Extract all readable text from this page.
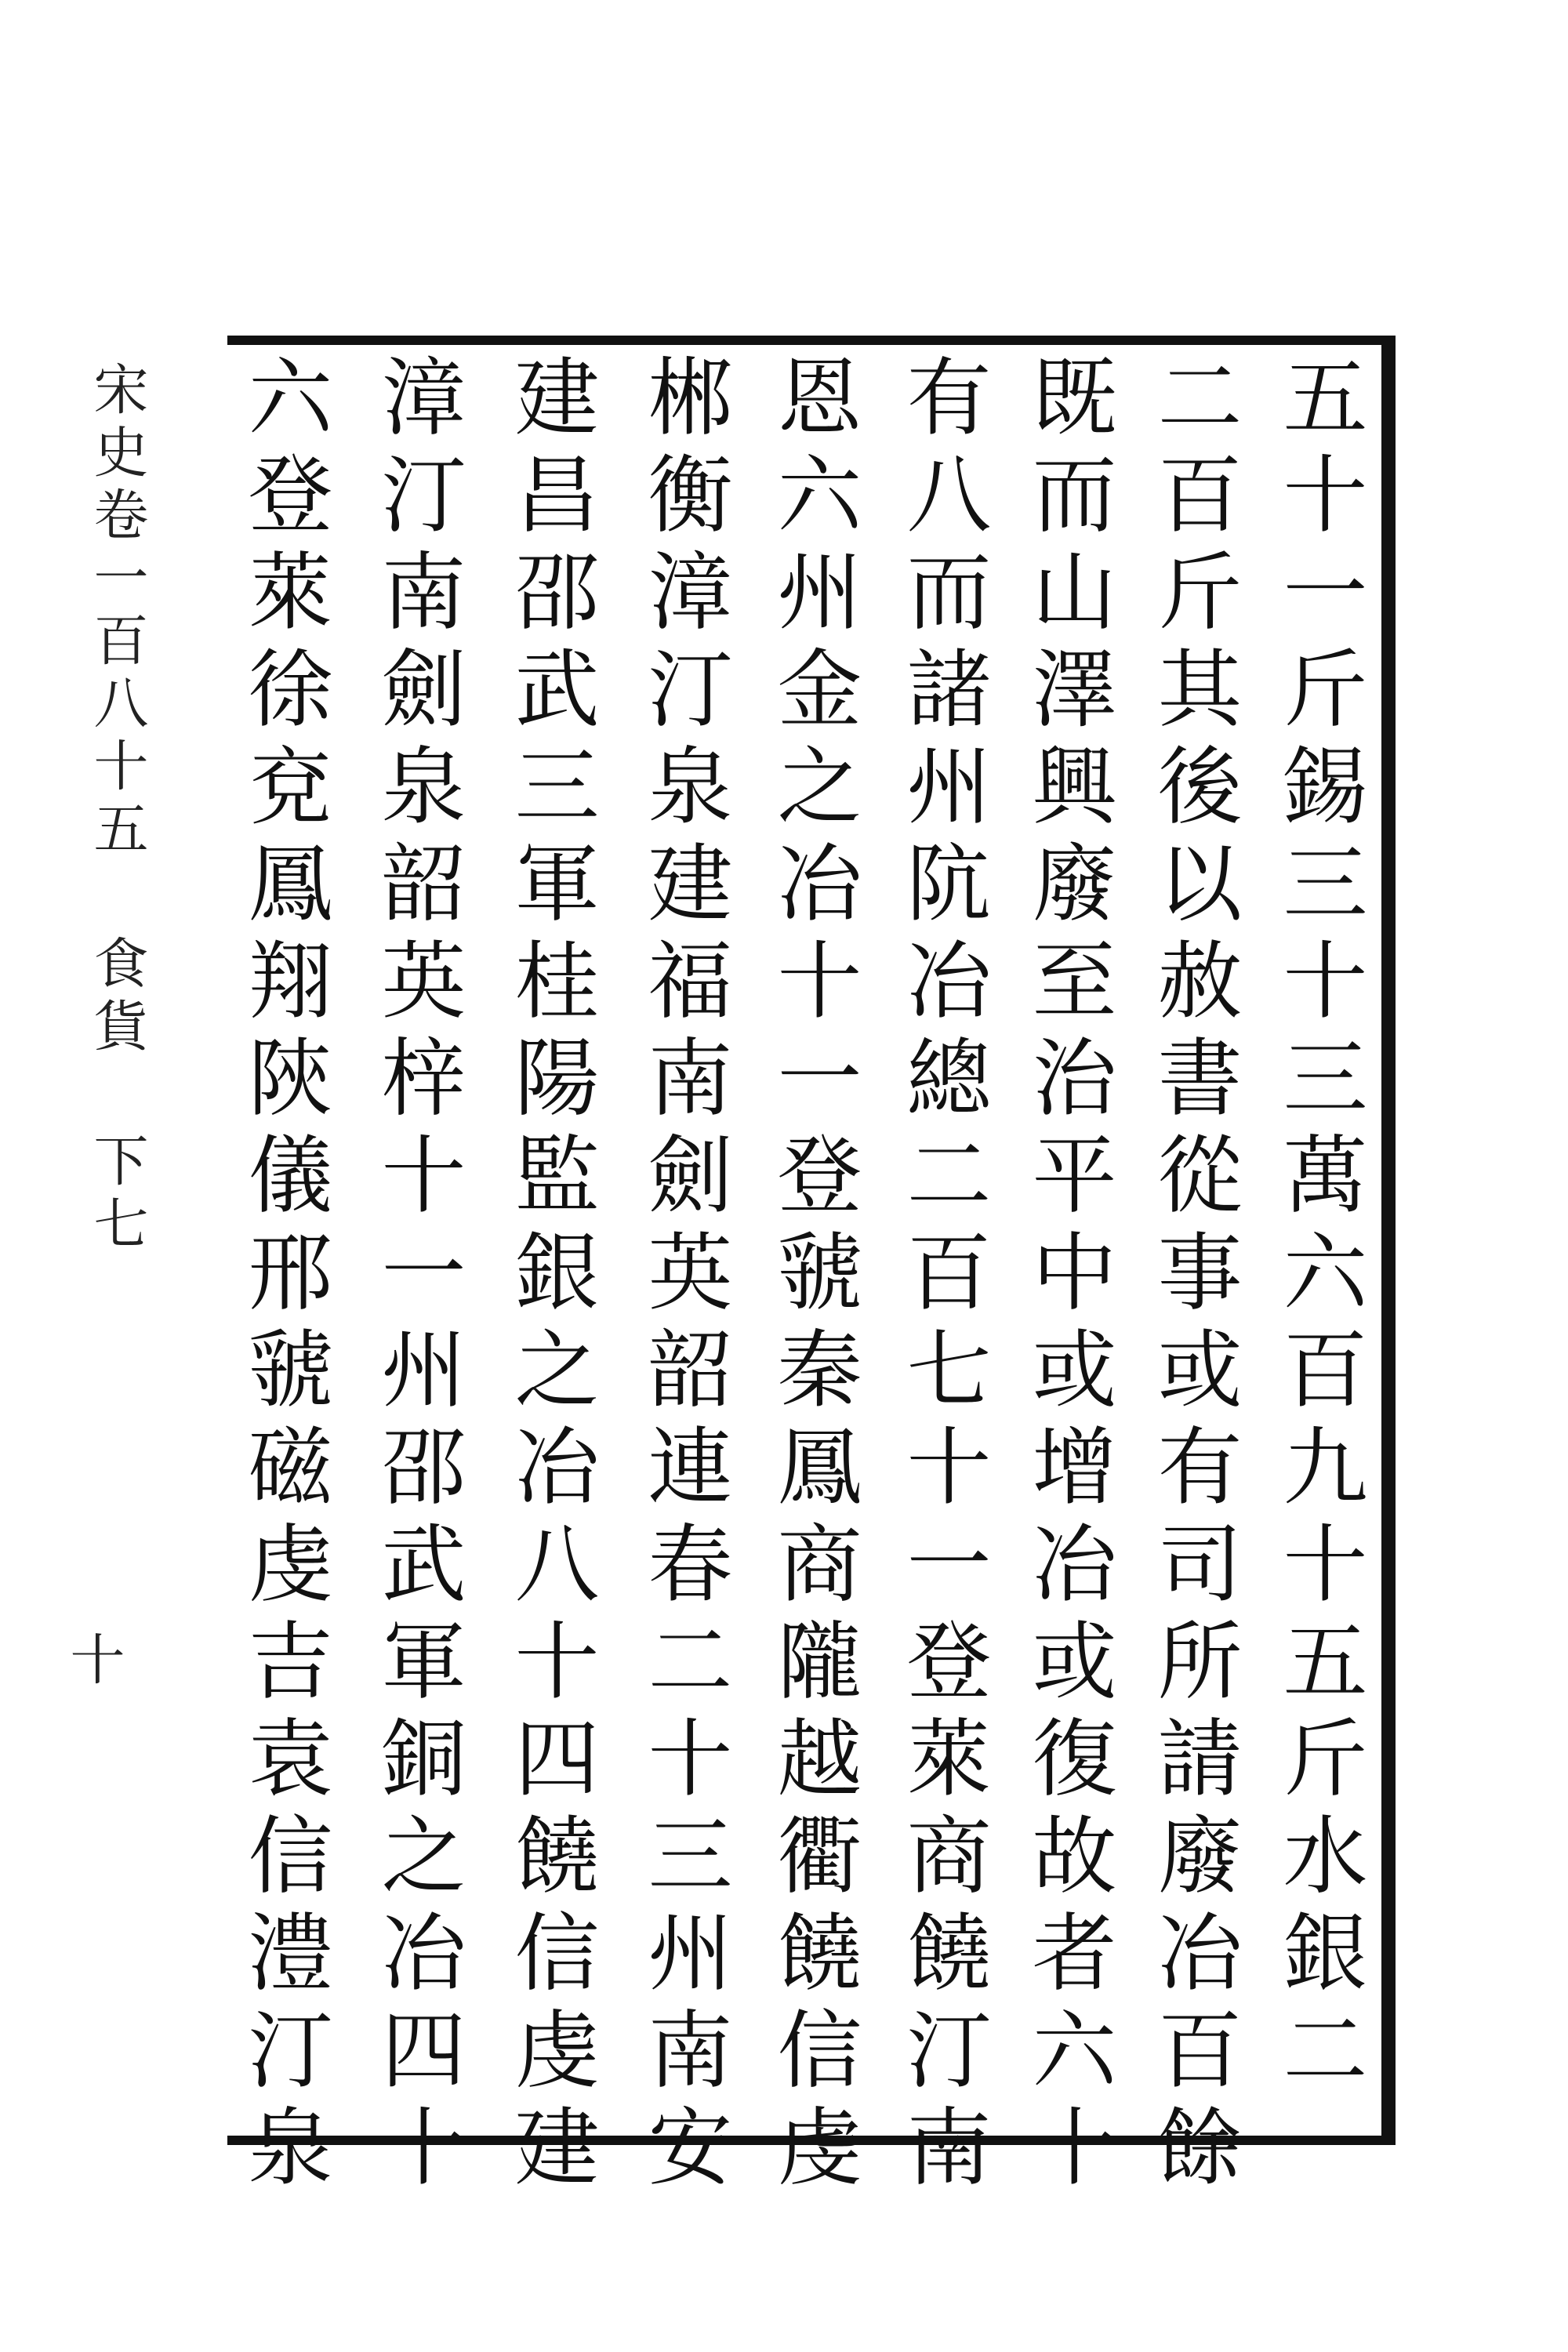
宋史卷一百八十五 食貨 下七
十	五十一斤錫三十三萬六百九十五斤水銀二
二百斤其後以赦書從事或有司所請廢冶百餘
既而山澤興廢至治平中或增冶或復故者六十
有八而諸州阬冶總二百七十一登萊商饒汀南
恩六州金之冶十一登虢秦鳳商隴越衢饒信虔
郴衡漳汀泉建福南劍英韶連春二十三州南安
建昌邵武三軍桂陽監銀之冶八十四饒信虔建
漳汀南劍泉韶英梓十一州邵武軍銅之冶四十
六登萊徐兗鳳翔陝儀邢虢磁虔吉袁信澧汀泉
